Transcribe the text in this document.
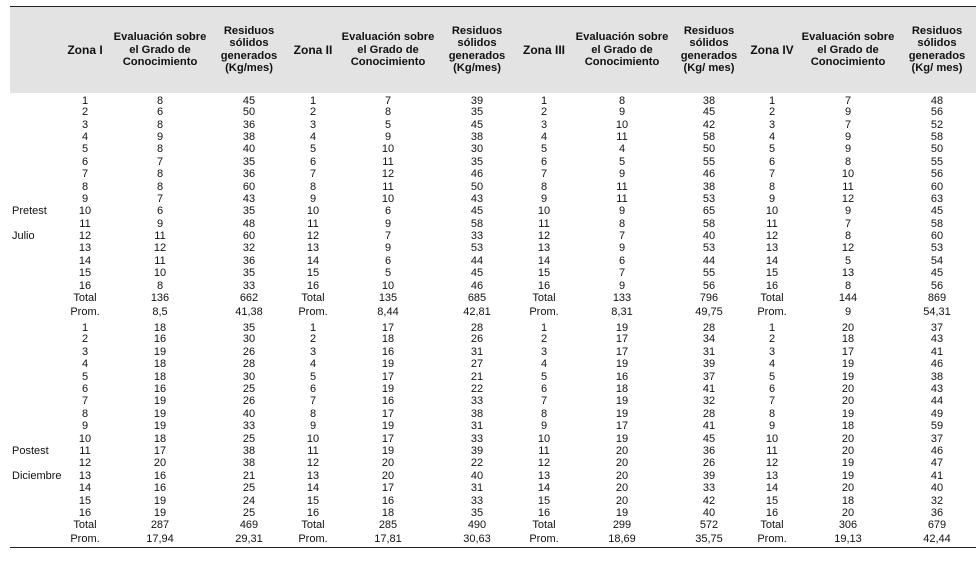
	Zona I	Evaluación sobre el Grado de Conocimiento	Residuos sólidos generados (Kg/mes)	Zona II	Evaluación sobre el Grado de Conocimiento	Residuos sólidos generados (Kg/mes)	Zona III	Evaluación sobre el Grado de Conocimiento	Residuos sólidos generados (Kg/ mes)	Zona IV	Evaluación sobre el Grado de Conocimiento	Residuos sólidos generados (Kg/ mes)
	1	8	45	1	7	39	1	8	38	1	7	48
	2	6	50	2	8	35	2	9	45	2	9	56
	3	8	36	3	5	45	3	10	42	3	7	52
	4	9	38	4	9	38	4	11	58	4	9	58
	5	8	40	5	10	30	5	4	50	5	9	50
	6	7	35	6	11	35	6	5	55	6	8	55
	7	8	36	7	12	46	7	9	46	7	10	56
	8	8	60	8	11	50	8	11	38	8	11	60
	9	7	43	9	10	43	9	11	53	9	12	63
Pretest	10	6	35	10	6	45	10	9	65	10	9	45
	11	9	48	11	9	58	11	8	58	11	7	58
Julio	12	11	60	12	7	33	12	7	40	12	8	60
	13	12	32	13	9	53	13	9	53	13	12	53
	14	11	36	14	6	44	14	6	44	14	5	54
	15	10	35	15	5	45	15	7	55	15	13	45
	16	8	33	16	10	46	16	9	56	16	8	56
	Total	136	662	Total	135	685	Total	133	796	Total	144	869
	Prom.	8,5	41,38	Prom.	8,44	42,81	Prom.	8,31	49,75	Prom.	9	54,31
	1	18	35	1	17	28	1	19	28	1	20	37
	2	16	30	2	18	26	2	17	34	2	18	43
	3	19	26	3	16	31	3	17	31	3	17	41
	4	18	28	4	19	27	4	19	39	4	19	46
	5	18	30	5	17	21	5	16	37	5	19	38
	6	16	25	6	19	22	6	18	41	6	20	43
	7	19	26	7	16	33	7	19	32	7	20	44
	8	19	40	8	17	38	8	19	28	8	19	49
	9	19	33	9	19	31	9	17	41	9	18	59
	10	18	25	10	17	33	10	19	45	10	20	37
Postest	11	17	38	11	19	39	11	20	36	11	20	46
	12	20	38	12	20	22	12	20	26	12	19	47
Diciembre	13	16	21	13	20	40	13	20	39	13	19	41
	14	16	25	14	17	31	14	20	33	14	20	40
	15	19	24	15	16	33	15	20	42	15	18	32
	16	19	25	16	18	35	16	19	40	16	20	36
	Total	287	469	Total	285	490	Total	299	572	Total	306	679
	Prom.	17,94	29,31	Prom.	17,81	30,63	Prom.	18,69	35,75	Prom.	19,13	42,44
